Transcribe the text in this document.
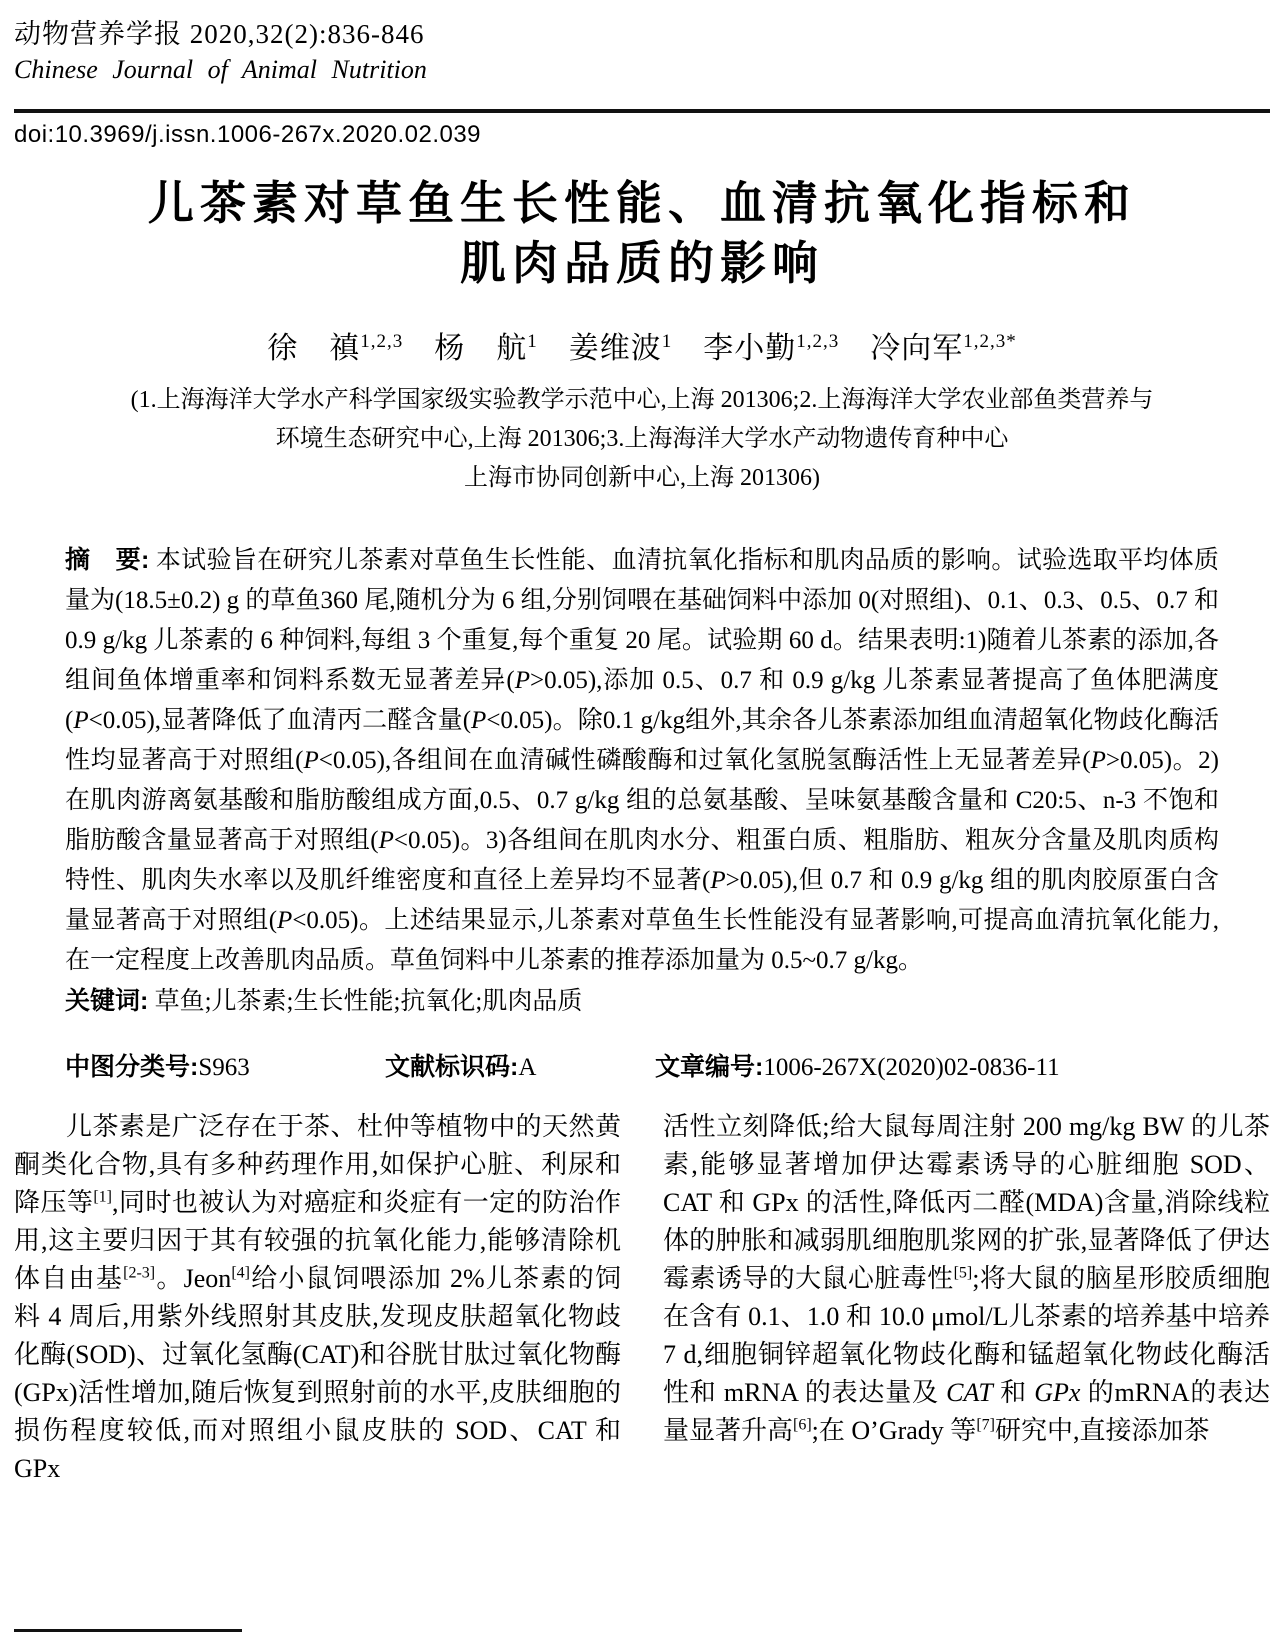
动物营养学报 2020,32(2):836-846
Chinese Journal of Animal Nutrition
doi:10.3969/j.issn.1006-267x.2020.02.039
儿茶素对草鱼生长性能、血清抗氧化指标和
肌肉品质的影响
徐　禛$^{1,2,3}$　杨　航$^1$　姜维波$^1$　李小勤$^{1,2,3}$　冷向军$^{1,2,3*}$
(1.上海海洋大学水产科学国家级实验教学示范中心,上海 201306;2.上海海洋大学农业部鱼类营养与
环境生态研究中心,上海 201306;3.上海海洋大学水产动物遗传育种中心
上海市协同创新中心,上海 201306)

摘　要: 本试验旨在研究儿茶素对草鱼生长性能、血清抗氧化指标和肌肉品质的影响。试验选取平均体质量为(18.5±0.2) g 的草鱼360 尾,随机分为 6 组,分别饲喂在基础饲料中添加 0(对照组)、0.1、0.3、0.5、0.7 和 0.9 g/kg 儿茶素的 6 种饲料,每组 3 个重复,每个重复 20 尾。试验期 60 d。结果表明:1)随着儿茶素的添加,各组间鱼体增重率和饲料系数无显著差异(P>0.05),添加 0.5、0.7 和 0.9 g/kg 儿茶素显著提高了鱼体肥满度(P<0.05),显著降低了血清丙二醛含量(P<0.05)。除0.1 g/kg组外,其余各儿茶素添加组血清超氧化物歧化酶活性均显著高于对照组(P<0.05),各组间在血清碱性磷酸酶和过氧化氢脱氢酶活性上无显著差异(P>0.05)。2)在肌肉游离氨基酸和脂肪酸组成方面,0.5、0.7 g/kg 组的总氨基酸、呈味氨基酸含量和 C20:5、n-3 不饱和脂肪酸含量显著高于对照组(P<0.05)。3)各组间在肌肉水分、粗蛋白质、粗脂肪、粗灰分含量及肌肉质构特性、肌肉失水率以及肌纤维密度和直径上差异均不显著(P>0.05),但 0.7 和 0.9 g/kg 组的肌肉胶原蛋白含量显著高于对照组(P<0.05)。上述结果显示,儿茶素对草鱼生长性能没有显著影响,可提高血清抗氧化能力,在一定程度上改善肌肉品质。草鱼饲料中儿茶素的推荐添加量为 0.5~0.7 g/kg。

关键词: 草鱼;儿茶素;生长性能;抗氧化;肌肉品质

中图分类号:S963	文献标识码:A	文章编号:1006-267X(2020)02-0836-11

儿茶素是广泛存在于茶、杜仲等植物中的天然黄酮类化合物,具有多种药理作用,如保护心脏、利尿和降压等[1],同时也被认为对癌症和炎症有一定的防治作用,这主要归因于其有较强的抗氧化能力,能够清除机体自由基[2-3]。Jeon[4]给小鼠饲喂添加 2%儿茶素的饲料 4 周后,用紫外线照射其皮肤,发现皮肤超氧化物歧化酶(SOD)、过氧化氢酶(CAT)和谷胱甘肽过氧化物酶(GPx)活性增加,随后恢复到照射前的水平,皮肤细胞的损伤程度较低,而对照组小鼠皮肤的 SOD、CAT 和 GPx

活性立刻降低;给大鼠每周注射 200 mg/kg BW 的儿茶素,能够显著增加伊达霉素诱导的心脏细胞 SOD、CAT 和 GPx 的活性,降低丙二醛(MDA)含量,消除线粒体的肿胀和减弱肌细胞肌浆网的扩张,显著降低了伊达霉素诱导的大鼠心脏毒性[5];将大鼠的脑星形胶质细胞在含有 0.1、1.0 和 10.0 μmol/L儿茶素的培养基中培养 7 d,细胞铜锌超氧化物歧化酶和锰超氧化物歧化酶活性和 mRNA 的表达量及 CAT 和 GPx 的mRNA的表达量显著升高[6];在 O’Grady 等[7]研究中,直接添加茶
